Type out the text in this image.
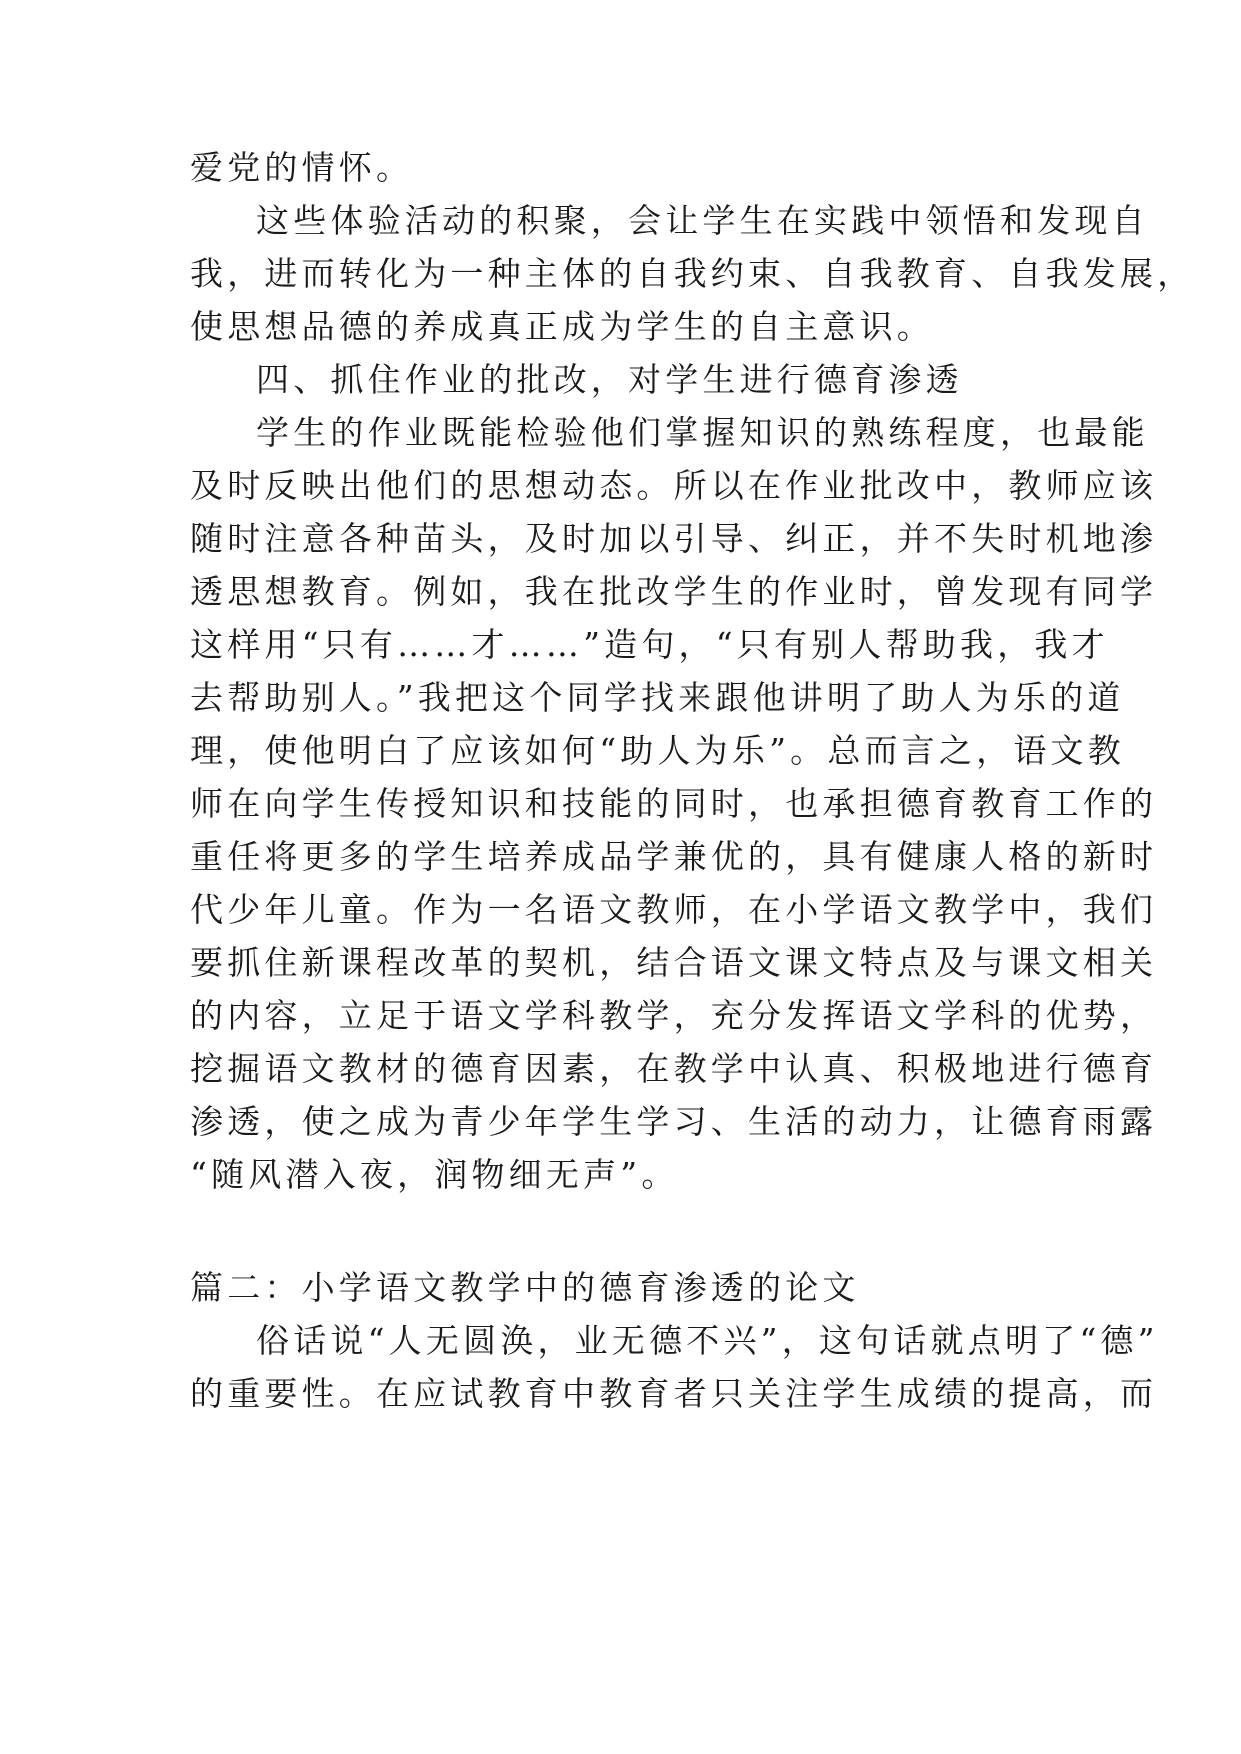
爱党的情怀。
这些体验活动的积聚，会让学生在实践中领悟和发现自
我，进而转化为一种主体的自我约束、自我教育、自我发展，
使思想品德的养成真正成为学生的自主意识。
四、抓住作业的批改，对学生进行德育渗透
学生的作业既能检验他们掌握知识的熟练程度，也最能
及时反映出他们的思想动态。所以在作业批改中，教师应该
随时注意各种苗头，及时加以引导、纠正，并不失时机地渗
透思想教育。例如，我在批改学生的作业时，曾发现有同学
这样用“只有……才……”造句，“只有别人帮助我，我才
去帮助别人。”我把这个同学找来跟他讲明了助人为乐的道
理，使他明白了应该如何“助人为乐”。总而言之，语文教
师在向学生传授知识和技能的同时，也承担德育教育工作的
重任将更多的学生培养成品学兼优的，具有健康人格的新时
代少年儿童。作为一名语文教师，在小学语文教学中，我们
要抓住新课程改革的契机，结合语文课文特点及与课文相关
的内容，立足于语文学科教学，充分发挥语文学科的优势，
挖掘语文教材的德育因素，在教学中认真、积极地进行德育
渗透，使之成为青少年学生学习、生活的动力，让德育雨露
“随风潜入夜，润物细无声”。
篇二：小学语文教学中的德育渗透的论文
俗话说“人无圆涣，业无德不兴”，这句话就点明了“德”
的重要性。在应试教育中教育者只关注学生成绩的提高，而
